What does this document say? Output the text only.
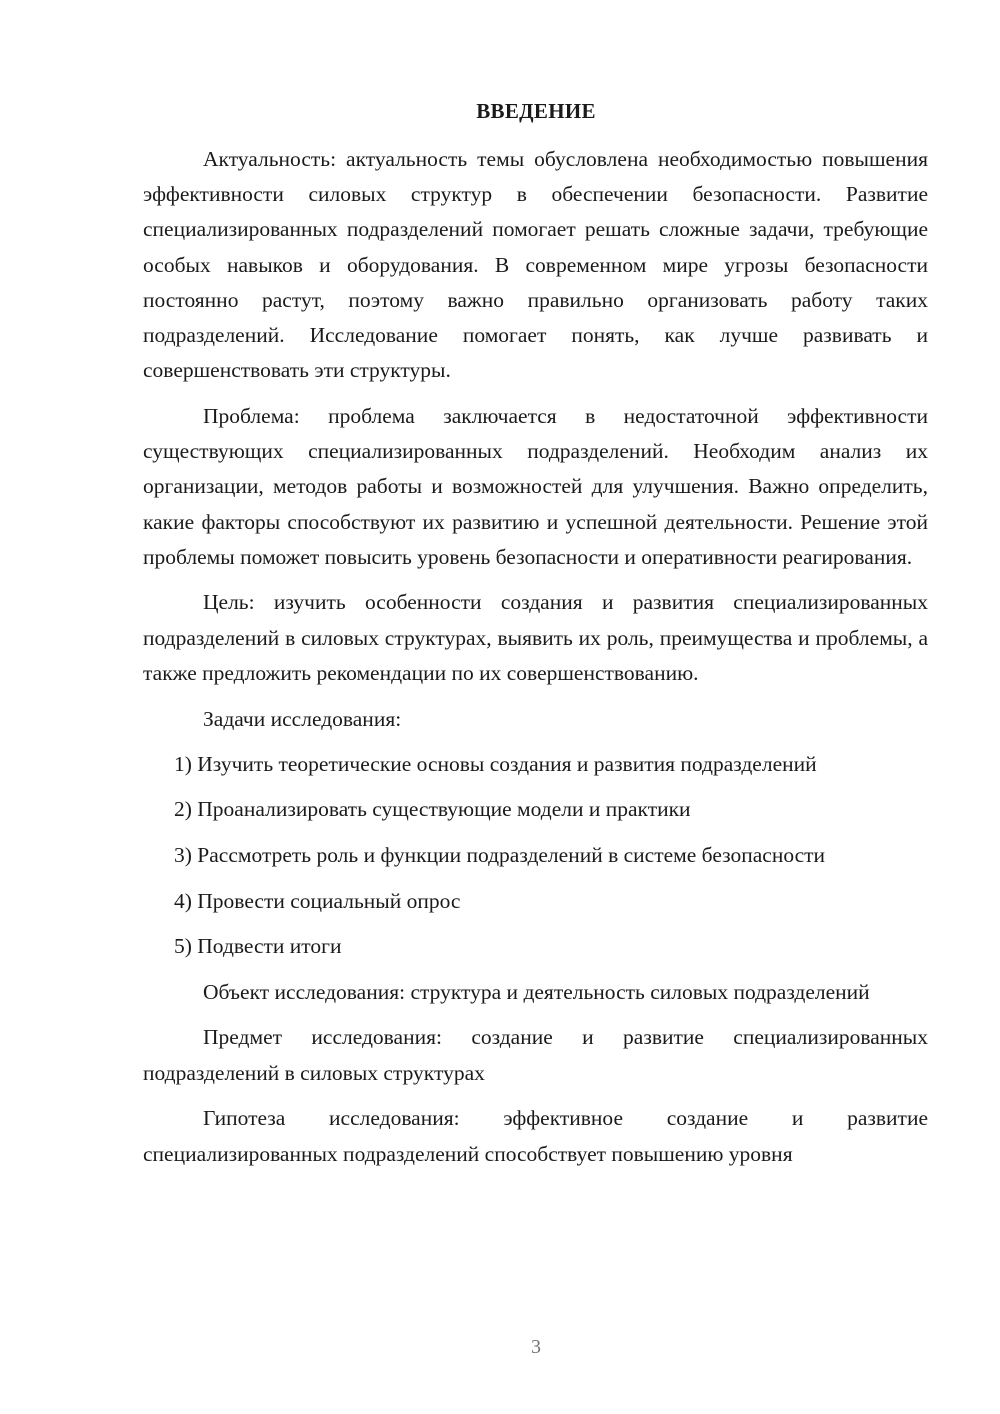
ВВЕДЕНИЕ

Актуальность: актуальность темы обусловлена необходимостью повышения эффективности силовых структур в обеспечении безопасности. Развитие специализированных подразделений помогает решать сложные задачи, требующие особых навыков и оборудования. В современном мире угрозы безопасности постоянно растут, поэтому важно правильно организовать работу таких подразделений. Исследование помогает понять, как лучше развивать и совершенствовать эти структуры.

Проблема: проблема заключается в недостаточной эффективности существующих специализированных подразделений. Необходим анализ их организации, методов работы и возможностей для улучшения. Важно определить, какие факторы способствуют их развитию и успешной деятельности. Решение этой проблемы поможет повысить уровень безопасности и оперативности реагирования.

Цель: изучить особенности создания и развития специализированных подразделений в силовых структурах, выявить их роль, преимущества и проблемы, а также предложить рекомендации по их совершенствованию.

Задачи исследования:

1) Изучить теоретические основы создания и развития подразделений
2) Проанализировать существующие модели и практики
3) Рассмотреть роль и функции подразделений в системе безопасности
4) Провести социальный опрос
5) Подвести итоги

Объект исследования: структура и деятельность силовых подразделений

Предмет исследования: создание и развитие специализированных подразделений в силовых структурах

Гипотеза исследования: эффективное создание и развитие специализированных подразделений способствует повышению уровня

3
